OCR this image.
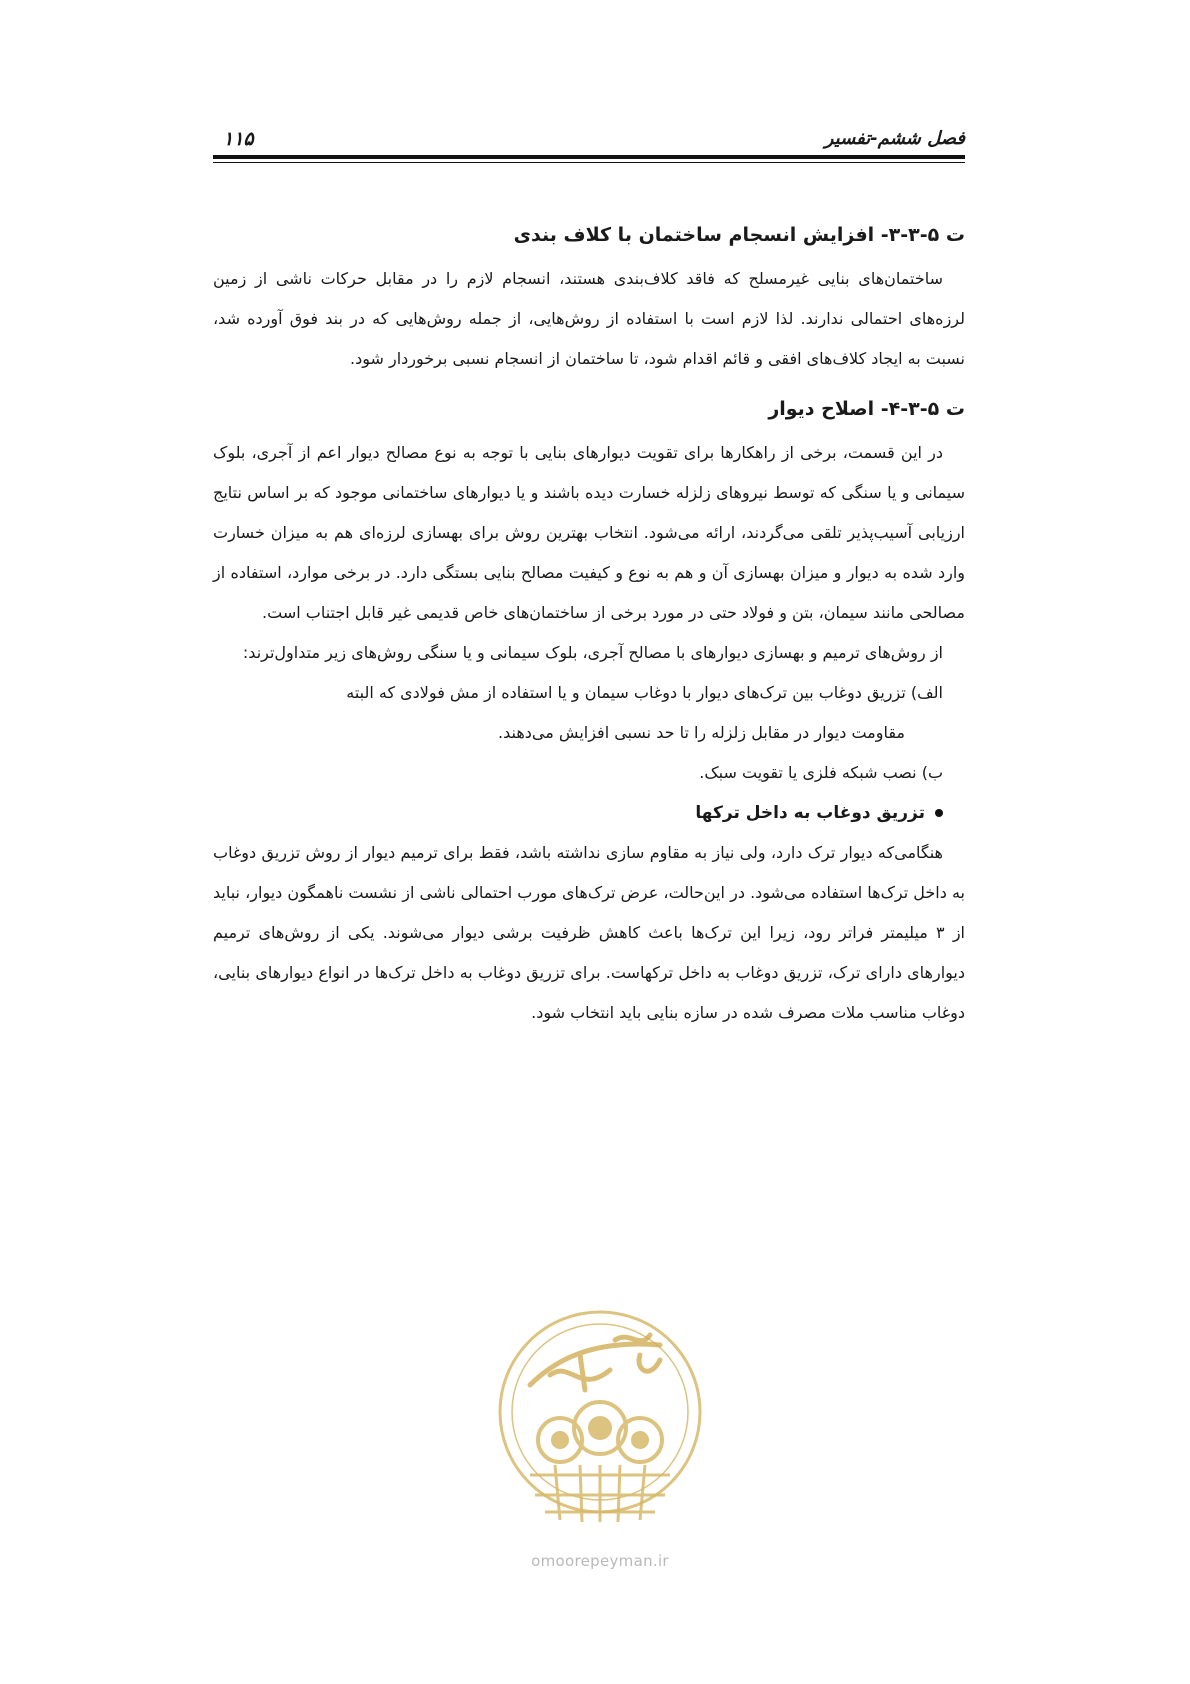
فصل ششم-تفسیر
۱۱۵
ت ۵-۳-۳- افزایش انسجام ساختمان با کلاف بندی

ساختمان‌های بنایی غیرمسلح که فاقد کلاف‌بندی هستند، انسجام لازم را در مقابل حرکات ناشی از زمین لرزه‌های احتمالی ندارند. لذا لازم است با استفاده از روش‌هایی، از جمله روش‌هایی که در بند فوق آورده شد، نسبت به ایجاد کلاف‌های افقی و قائم اقدام شود، تا ساختمان از انسجام نسبی برخوردار شود.

ت ۵-۳-۴- اصلاح دیوار

در این قسمت، برخی از راهکارها برای تقویت دیوارهای بنایی با توجه به نوع مصالح دیوار اعم از آجری، بلوک سیمانی و یا سنگی که توسط نیروهای زلزله خسارت دیده باشند و یا دیوارهای ساختمانی موجود که بر اساس نتایج ارزیابی آسیب‌پذیر تلقی می‌گردند، ارائه می‌شود. انتخاب بهترین روش برای بهسازی لرزه‌ای هم به میزان خسارت وارد شده به دیوار و میزان بهسازی آن و هم به نوع و کیفیت مصالح بنایی بستگی دارد. در برخی موارد، استفاده از مصالحی مانند سیمان، بتن و فولاد حتی در مورد برخی از ساختمان‌های خاص قدیمی غیر قابل اجتناب است.

از روش‌های ترمیم و بهسازی دیوارهای با مصالح آجری، بلوک سیمانی و یا سنگی روش‌های زیر متداول‌ترند:

الف) تزریق دوغاب بین ترک‌های دیوار با دوغاب سیمان و یا استفاده از مش فولادی که البته
مقاومت دیوار در مقابل زلزله را تا حد نسبی افزایش می‌دهند.

ب) نصب شبکه فلزی یا تقویت سبک.

تزریق دوغاب به داخل ترکها

هنگامی‌که دیوار ترک دارد، ولی نیاز به مقاوم سازی نداشته باشد، فقط برای ترمیم دیوار از روش تزریق دوغاب به داخل ترک‌ها استفاده می‌شود. در این‌حالت، عرض ترک‌های مورب احتمالی ناشی از نشست ناهمگون دیوار، نباید از ۳ میلیمتر فراتر رود، زیرا این ترک‌ها باعث کاهش ظرفیت برشی دیوار می‌شوند. یکی از روش‌های ترمیم دیوارهای دارای ترک، تزریق دوغاب به داخل ترکهاست. برای تزریق دوغاب به داخل ترک‌ها در انواع دیوارهای بنایی، دوغاب مناسب ملات مصرف شده در سازه بنایی باید انتخاب شود.

omoorepeyman.ir
